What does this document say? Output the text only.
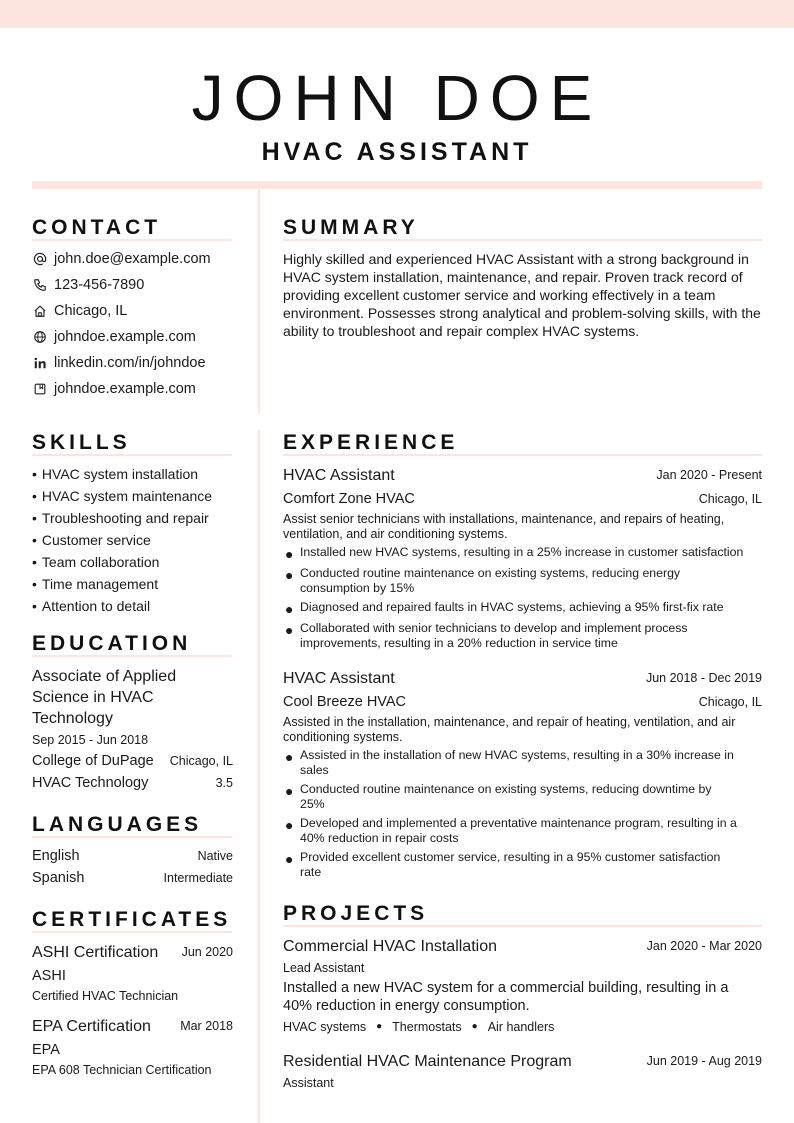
JOHN DOE
HVAC ASSISTANT
CONTACT
john.doe@example.com
123-456-7890
Chicago, IL
johndoe.example.com
linkedin.com/in/johndoe
johndoe.example.com
SUMMARY
Highly skilled and experienced HVAC Assistant with a strong background in HVAC system installation, maintenance, and repair. Proven track record of providing excellent customer service and working effectively in a team environment. Possesses strong analytical and problem-solving skills, with the ability to troubleshoot and repair complex HVAC systems.
SKILLS
• HVAC system installation
• HVAC system maintenance
• Troubleshooting and repair
• Customer service
• Team collaboration
• Time management
• Attention to detail
EDUCATION
Associate of Applied
Science in HVAC
Technology
Sep 2015 - Jun 2018
College of DuPage	Chicago, IL
HVAC Technology	3.5
LANGUAGES
English	Native
Spanish	Intermediate
CERTIFICATES
ASHI Certification	Jun 2020
ASHI
Certified HVAC Technician
EPA Certification	Mar 2018
EPA
EPA 608 Technician Certification
EXPERIENCE
HVAC Assistant	Jan 2020 - Present
Comfort Zone HVAC	Chicago, IL
Assist senior technicians with installations, maintenance, and repairs of heating,
ventilation, and air conditioning systems.
● Installed new HVAC systems, resulting in a 25% increase in customer satisfaction
● Conducted routine maintenance on existing systems, reducing energy
consumption by 15%
● Diagnosed and repaired faults in HVAC systems, achieving a 95% first-fix rate
● Collaborated with senior technicians to develop and implement process
improvements, resulting in a 20% reduction in service time
HVAC Assistant	Jun 2018 - Dec 2019
Cool Breeze HVAC	Chicago, IL
Assisted in the installation, maintenance, and repair of heating, ventilation, and air
conditioning systems.
● Assisted in the installation of new HVAC systems, resulting in a 30% increase in
sales
● Conducted routine maintenance on existing systems, reducing downtime by
25%
● Developed and implemented a preventative maintenance program, resulting in a
40% reduction in repair costs
● Provided excellent customer service, resulting in a 95% customer satisfaction
rate
PROJECTS
Commercial HVAC Installation	Jan 2020 - Mar 2020
Lead Assistant
Installed a new HVAC system for a commercial building, resulting in a 40% reduction in energy consumption.
HVAC systems ● Thermostats ● Air handlers
Residential HVAC Maintenance Program	Jun 2019 - Aug 2019
Assistant
